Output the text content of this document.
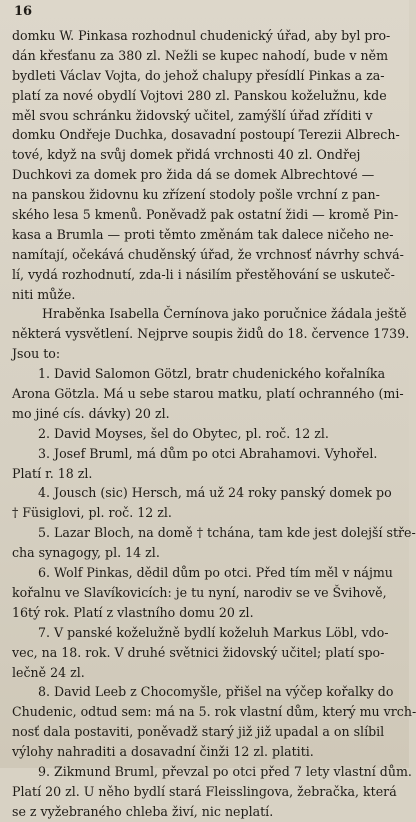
16
domku W. Pinkasa rozhodnul chudenický úřad, aby byl pro-
dán křesťanu za 380 zl. Nežli se kupec nahodí, bude v něm
bydleti Václav Vojta, do jehož chalupy přesídlí Pinkas a za-
platí za nové obydlí Vojtovi 280 zl. Panskou koželužnu, kde
měl svou schránku židovský učitel, zamýšlí úřad zříditi v
domku Ondřeje Duchka, dosavadní postoupí Terezii Albrech-
tové, když na svůj domek přidá vrchnosti 40 zl. Ondřej
Duchkovi za domek pro žida dá se domek Albrechtové —
na panskou židovnu ku zřízení stodoly pošle vrchní z pan-
ského lesa 5 kmenů. Poněvadž pak ostatní židi — kromě Pin-
kasa a Brumla — proti těmto změnám tak dalece ničeho ne-
namítají, očekává chuděnský úřad, že vrchnosť návrhy schvá-
lí, vydá rozhodnutí, zda-li i násilím přestěhování se uskuteč-
niti může.
Hraběnka Isabella Černínova jako poručnice žádala ještě
některá vysvětlení. Nejprve soupis židů do 18. července 1739.
Jsou to:
1. David Salomon Götzl, bratr chudenického kořalníka
Arona Götzla. Má u sebe starou matku, platí ochranného (mi-
mo jiné cís. dávky) 20 zl.
2. David Moyses, šel do Obytec, pl. roč. 12 zl.
3. Josef Bruml, má dům po otci Abrahamovi. Vyhořel.
Platí r. 18 zl.
4. Jousch (sic) Hersch, má už 24 roky panský domek po
† Füsiglovi, pl. roč. 12 zl.
5. Lazar Bloch, na domě † tchána, tam kde jest dolejší stře-
cha synagogy, pl. 14 zl.
6. Wolf Pinkas, dědil dům po otci. Před tím měl v nájmu
kořalnu ve Slavíkovicích: je tu nyní, narodiv se ve Švihově,
16tý rok. Platí z vlastního domu 20 zl.
7. V panské koželužně bydlí koželuh Markus Löbl, vdo-
vec, na 18. rok. V druhé světnici židovský učitel; platí spo-
lečně 24 zl.
8. David Leeb z Chocomyšle, přišel na výčep kořalky do
Chudenic, odtud sem: má na 5. rok vlastní dům, který mu vrch-
nosť dala postaviti, poněvadž starý již již upadal a on slíbil
výlohy nahraditi a dosavadní činži 12 zl. platiti.
9. Zikmund Bruml, převzal po otci před 7 lety vlastní dům.
Platí 20 zl. U něho bydlí stará Fleisslingova, žebračka, která
se z vyžebraného chleba živí, nic neplatí.
